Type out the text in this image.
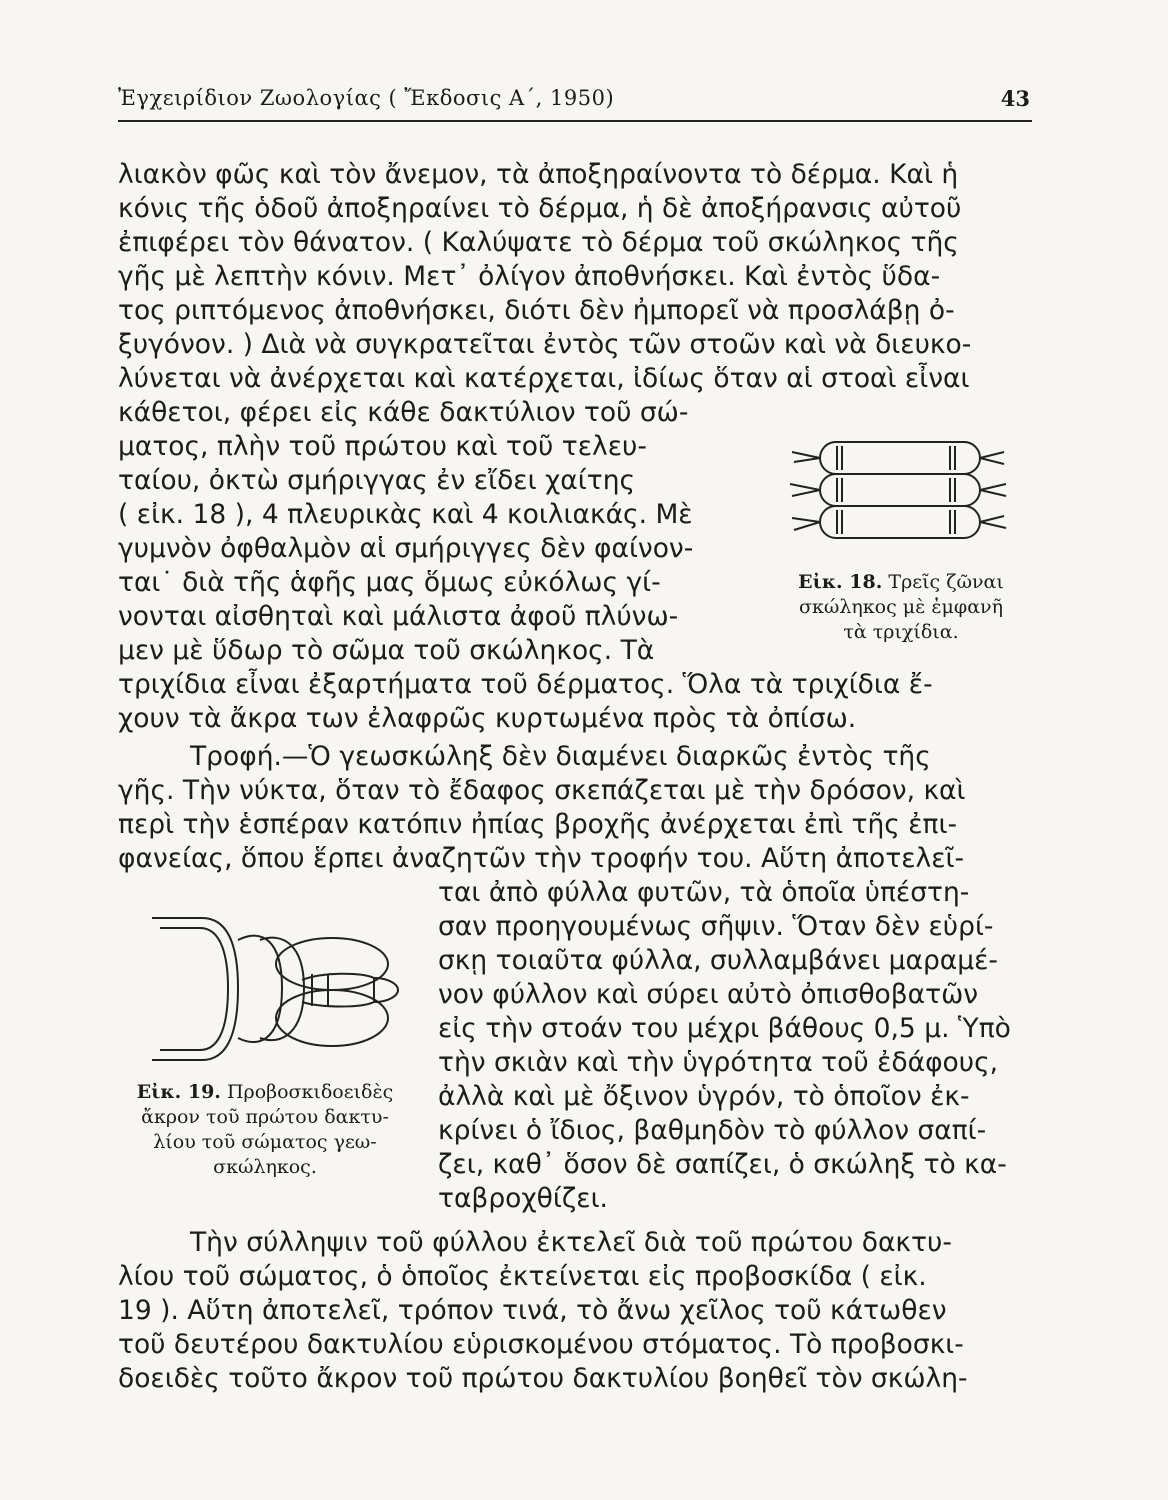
Ἐγχειρίδιον Ζωολογίας ( Ἔκδοσις Α΄, 1950)	43
λιακὸν φῶς καὶ τὸν ἄνεμον, τὰ ἀποξηραίνοντα τὸ δέρμα. Καὶ ἡ
κόνις τῆς ὁδοῦ ἀποξηραίνει τὸ δέρμα, ἡ δὲ ἀποξήρανσις αὐτοῦ
ἐπιφέρει τὸν θάνατον. ( Καλύψατε τὸ δέρμα τοῦ σκώληκος τῆς
γῆς μὲ λεπτὴν κόνιν. Μετ᾽ ὀλίγον ἀποθνήσκει. Καὶ ἐντὸς ὕδα-
τος ριπτόμενος ἀποθνήσκει, διότι δὲν ἠμπορεῖ νὰ προσλάβῃ ὀ-
ξυγόνον. ) Διὰ νὰ συγκρατεῖται ἐντὸς τῶν στοῶν καὶ νὰ διευκο-
λύνεται νὰ ἀνέρχεται καὶ κατέρχεται, ἰδίως ὅταν αἱ στοαὶ εἶναι
κάθετοι, φέρει εἰς κάθε δακτύλιον τοῦ σώ-
ματος, πλὴν τοῦ πρώτου καὶ τοῦ τελευ-
ταίου, ὀκτὼ σμήριγγας ἐν εἴδει χαίτης
( εἰκ. 18 ), 4 πλευρικὰς καὶ 4 κοιλιακάς. Μὲ
γυμνὸν ὀφθαλμὸν αἱ σμήριγγες δὲν φαίνον-
ται˙ διὰ τῆς ἁφῆς μας ὅμως εὐκόλως γί-
νονται αἰσθηταὶ καὶ μάλιστα ἀφοῦ πλύνω-
μεν μὲ ὕδωρ τὸ σῶμα τοῦ σκώληκος. Τὰ
τριχίδια εἶναι ἐξαρτήματα τοῦ δέρματος. Ὅλα τὰ τριχίδια ἔ-
χουν τὰ ἄκρα των ἐλαφρῶς κυρτωμένα πρὸς τὰ ὀπίσω.
Τροφή.—Ὁ γεωσκώληξ δὲν διαμένει διαρκῶς ἐντὸς τῆς
γῆς. Τὴν νύκτα, ὅταν τὸ ἔδαφος σκεπάζεται μὲ τὴν δρόσον, καὶ
περὶ τὴν ἑσπέραν κατόπιν ἠπίας βροχῆς ἀνέρχεται ἐπὶ τῆς ἐπι-
φανείας, ὅπου ἕρπει ἀναζητῶν τὴν τροφήν του. Αὕτη ἀποτελεῖ-
ται ἀπὸ φύλλα φυτῶν, τὰ ὁποῖα ὑπέστη-
σαν προηγουμένως σῆψιν. Ὅταν δὲν εὑρί-
σκῃ τοιαῦτα φύλλα, συλλαμβάνει μαραμέ-
νον φύλλον καὶ σύρει αὐτὸ ὀπισθοβατῶν
εἰς τὴν στοάν του μέχρι βάθους 0,5 μ. Ὑπὸ
τὴν σκιὰν καὶ τὴν ὑγρότητα τοῦ ἐδάφους,
ἀλλὰ καὶ μὲ ὄξινον ὑγρόν, τὸ ὁποῖον ἐκ-
κρίνει ὁ ἴδιος, βαθμηδὸν τὸ φύλλον σαπί-
ζει, καθ᾽ ὅσον δὲ σαπίζει, ὁ σκώληξ τὸ κα-
ταβροχθίζει.
Τὴν σύλληψιν τοῦ φύλλου ἐκτελεῖ διὰ τοῦ πρώτου δακτυ-
λίου τοῦ σώματος, ὁ ὁποῖος ἐκτείνεται εἰς προβοσκίδα ( εἰκ.
19 ). Αὕτη ἀποτελεῖ, τρόπον τινά, τὸ ἄνω χεῖλος τοῦ κάτωθεν
τοῦ δευτέρου δακτυλίου εὑρισκομένου στόματος. Τὸ προβοσκι-
δοειδὲς τοῦτο ἄκρον τοῦ πρώτου δακτυλίου βοηθεῖ τὸν σκώλη-
Εἰκ. 18. Τρεῖς ζῶναι
σκώληκος μὲ ἐμφανῆ
τὰ τριχίδια.
Εἰκ. 19. Προβοσκιδοειδὲς
ἄκρον τοῦ πρώτου δακτυ-
λίου τοῦ σώματος γεω-
σκώληκος.
